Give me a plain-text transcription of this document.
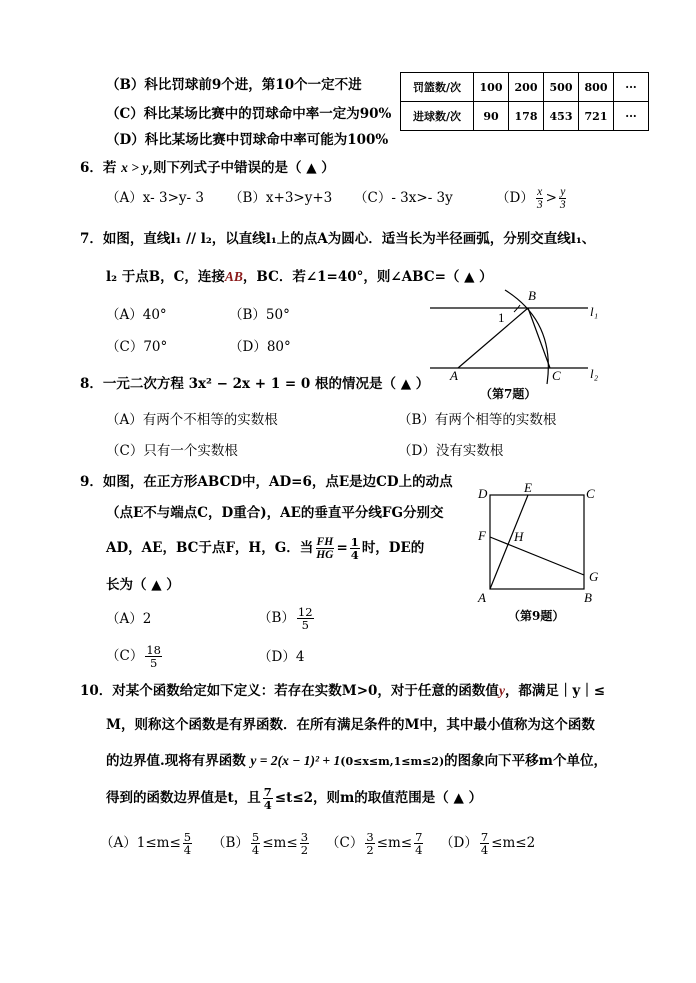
（B）科比罚球前9个进，第10个一定不进
（C）科比某场比赛中的罚球命中率一定为90%
（D）科比某场比赛中罚球命中率可能为100%
罚篮数/次	100	200	500	800	···
进球数/次	90	178	453	721	···
6．若 x > y,则下列式子中错误的是（ ▲ ）
（A）x- 3>y- 3 （B）x+3>y+3 （C）- 3x>- 3y	$(D) \frac{x}{3} > \frac{y}{3}$
7．如图，直线l₁ // l₂，以直线l₁上的点A为圆心．适当长为半径画弧，分别交直线l₁、
l₂ 于点B，C，连接AB，BC．若∠1=40°，则∠ABC=（ ▲ ）
（A）40°	（B）50°
（C）70°	（D）80°
B
1	l₁
A	C l₂
（第7题）
8．一元二次方程 3x² − 2x + 1 = 0 根的情况是（ ▲ ）
（A）有两个不相等的实数根	（B）有两个相等的实数根
（C）只有一个实数根	（D）没有实数根
9．如图，在正方形ABCD中，AD=6，点E是边CD上的动点
（点E不与端点C，D重合)，AE的垂直平分线FG分别交
AD，AE，BC于点F，H，G．当 $\frac{FH}{HG} = \frac{1}{4}$ 时，DE的
长为（ ▲ ）
（A）2	$(B) \frac{12}{5}$
$(C) \frac{18}{5}$	（D）4
D	E	C
F H
G
A	B
（第9题）
10．对某个函数给定如下定义：若存在实数M>0，对于任意的函数值y，都满足｜y｜≤
M，则称这个函数是有界函数．在所有满足条件的M中，其中最小值称为这个函数
的边界值.现将有界函数 y = 2(x − 1)² + 1(0≤x≤m,1≤m≤2)的图象向下平移m个单位，
得到的函数边界值是t，且 $\frac{7}{4} \le t\le 2$，则m的取值范围是（ ▲ ）
$(A)1\le m\le \frac{5}{4} (B) \frac{5}{4} \le m\le \frac{3}{2} (C) \frac{3}{2} \le m\le \frac{7}{4} (D) \frac{7}{4} \le m\le 2$
